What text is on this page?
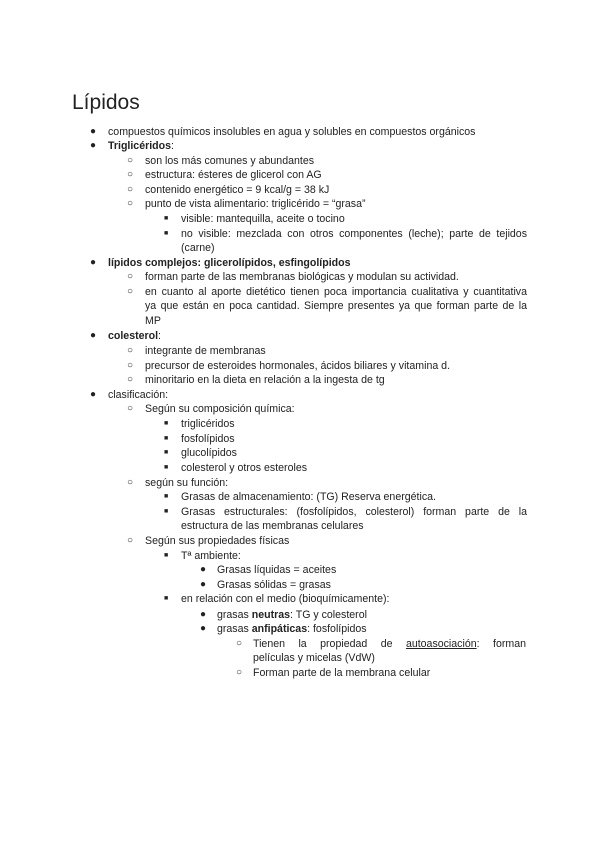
Lípidos
● compuestos químicos insolubles en agua y solubles en compuestos orgánicos
● Triglicéridos:
○ son los más comunes y abundantes
○ estructura: ésteres de glicerol con AG
○ contenido energético = 9 kcal/g = 38 kJ
○ punto de vista alimentario: triglicérido = “grasa”
■ visible: mantequilla, aceite o tocino
■ no visible: mezclada con otros componentes (leche); parte de tejidos
(carne)
● lípidos complejos: glicerolípidos, esfingolípidos
○ forman parte de las membranas biológicas y modulan su actividad.
○ en cuanto al aporte dietético tienen poca importancia cualitativa y cuantitativa
ya que están en poca cantidad. Siempre presentes ya que forman parte de la
MP
● colesterol:
○ integrante de membranas
○ precursor de esteroides hormonales, ácidos biliares y vitamina d.
○ minoritario en la dieta en relación a la ingesta de tg
● clasificación:
○ Según su composición química:
■ triglicéridos
■ fosfolípidos
■ glucolípidos
■ colesterol y otros esteroles
○ según su función:
■ Grasas de almacenamiento: (TG) Reserva energética.
■ Grasas estructurales: (fosfolípidos, colesterol) forman parte de la
estructura de las membranas celulares
○ Según sus propiedades físicas
■ Tª ambiente:
● Grasas líquidas = aceites
● Grasas sólidas = grasas
■ en relación con el medio (bioquímicamente):
● grasas neutras: TG y colesterol
● grasas anfipáticas: fosfolípidos
○ Tienen la propiedad de autoasociación: forman
películas y micelas (VdW)
○ Forman parte de la membrana celular
